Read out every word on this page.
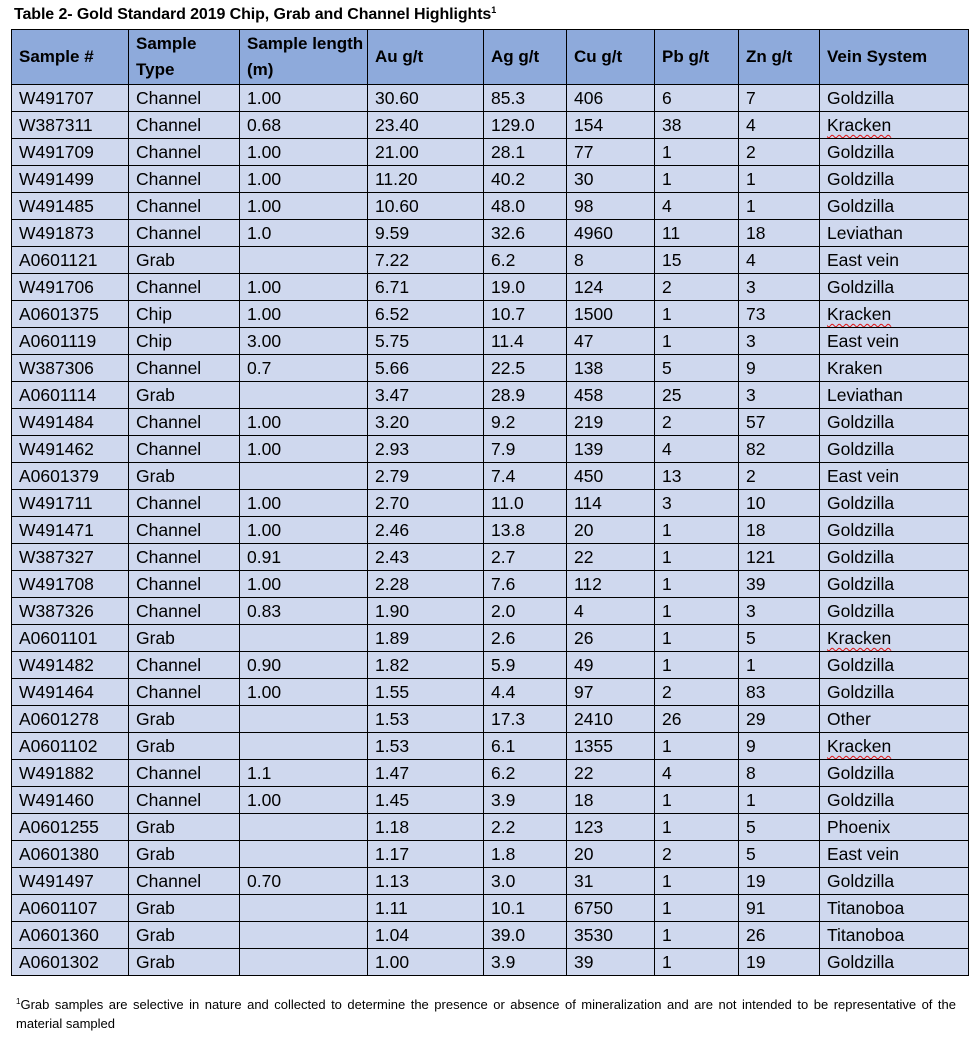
Table 2- Gold Standard 2019 Chip, Grab and Channel Highlights$^1$
Sample #	Sample Type	Sample length (m)	Au g/t	Ag g/t	Cu g/t	Pb g/t	Zn g/t	Vein System
W491707	Channel	1.00	30.60	85.3	406	6	7	Goldzilla
W387311	Channel	0.68	23.40	129.0	154	38	4	Kracken
W491709	Channel	1.00	21.00	28.1	77	1	2	Goldzilla
W491499	Channel	1.00	11.20	40.2	30	1	1	Goldzilla
W491485	Channel	1.00	10.60	48.0	98	4	1	Goldzilla
W491873	Channel	1.0	9.59	32.6	4960	11	18	Leviathan
A0601121	Grab		7.22	6.2	8	15	4	East vein
W491706	Channel	1.00	6.71	19.0	124	2	3	Goldzilla
A0601375	Chip	1.00	6.52	10.7	1500	1	73	Kracken
A0601119	Chip	3.00	5.75	11.4	47	1	3	East vein
W387306	Channel	0.7	5.66	22.5	138	5	9	Kraken
A0601114	Grab		3.47	28.9	458	25	3	Leviathan
W491484	Channel	1.00	3.20	9.2	219	2	57	Goldzilla
W491462	Channel	1.00	2.93	7.9	139	4	82	Goldzilla
A0601379	Grab		2.79	7.4	450	13	2	East vein
W491711	Channel	1.00	2.70	11.0	114	3	10	Goldzilla
W491471	Channel	1.00	2.46	13.8	20	1	18	Goldzilla
W387327	Channel	0.91	2.43	2.7	22	1	121	Goldzilla
W491708	Channel	1.00	2.28	7.6	112	1	39	Goldzilla
W387326	Channel	0.83	1.90	2.0	4	1	3	Goldzilla
A0601101	Grab		1.89	2.6	26	1	5	Kracken
W491482	Channel	0.90	1.82	5.9	49	1	1	Goldzilla
W491464	Channel	1.00	1.55	4.4	97	2	83	Goldzilla
A0601278	Grab		1.53	17.3	2410	26	29	Other
A0601102	Grab		1.53	6.1	1355	1	9	Kracken
W491882	Channel	1.1	1.47	6.2	22	4	8	Goldzilla
W491460	Channel	1.00	1.45	3.9	18	1	1	Goldzilla
A0601255	Grab		1.18	2.2	123	1	5	Phoenix
A0601380	Grab		1.17	1.8	20	2	5	East vein
W491497	Channel	0.70	1.13	3.0	31	1	19	Goldzilla
A0601107	Grab		1.11	10.1	6750	1	91	Titanoboa
A0601360	Grab		1.04	39.0	3530	1	26	Titanoboa
A0601302	Grab		1.00	3.9	39	1	19	Goldzilla
$^1$Grab samples are selective in nature and collected to determine the presence or absence of mineralization and are not intended to be representative of the material sampled
